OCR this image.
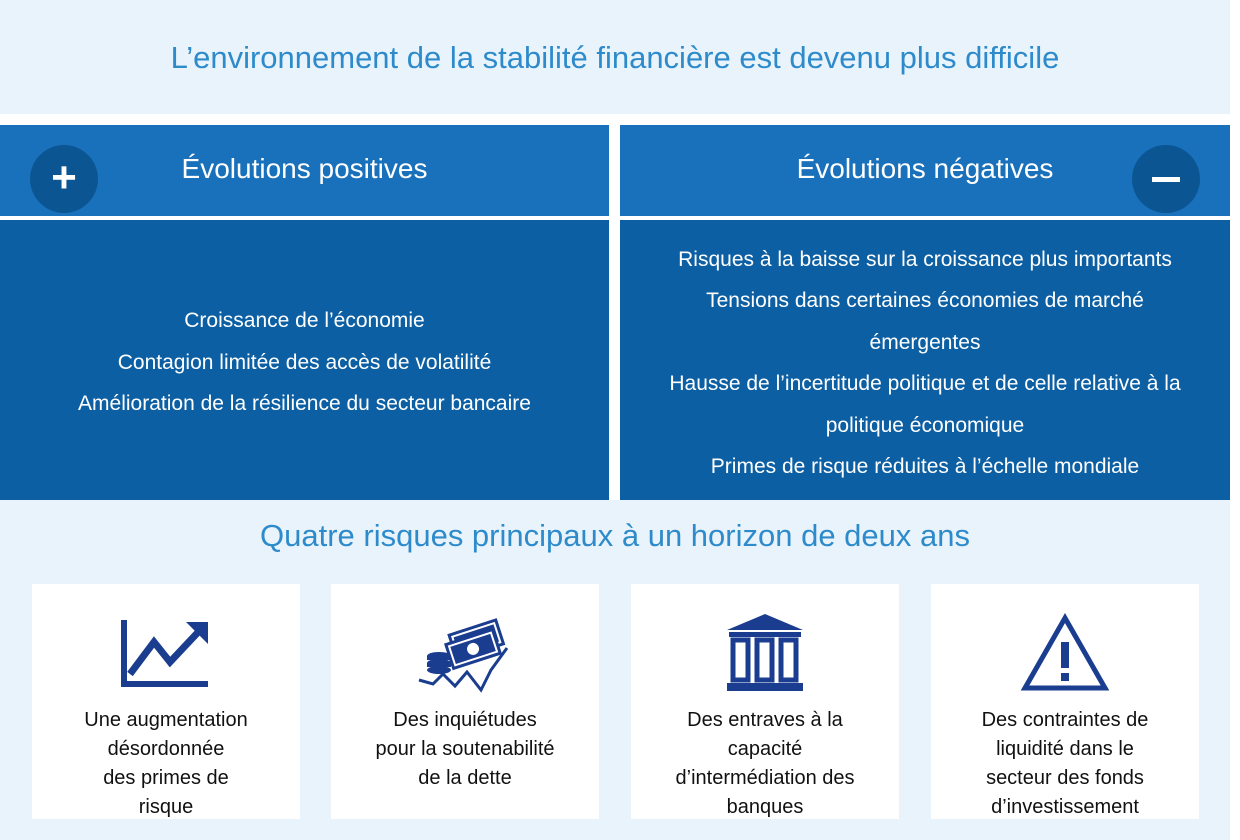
L’environnement de la stabilité financière est devenu plus difficile
+	Évolutions positives	Évolutions négatives
Croissance de l’économie
Contagion limitée des accès de volatilité
Amélioration de la résilience du secteur bancaire
Risques à la baisse sur la croissance plus importants
Tensions dans certaines économies de marché
émergentes
Hausse de l’incertitude politique et de celle relative à la
politique économique
Primes de risque réduites à l’échelle mondiale
Quatre risques principaux à un horizon de deux ans
Une augmentation
désordonnée
des primes de
risque
Des inquiétudes
pour la soutenabilité
de la dette
Des entraves à la
capacité
d’intermédiation des
banques
Des contraintes de
liquidité dans le
secteur des fonds
d’investissement
